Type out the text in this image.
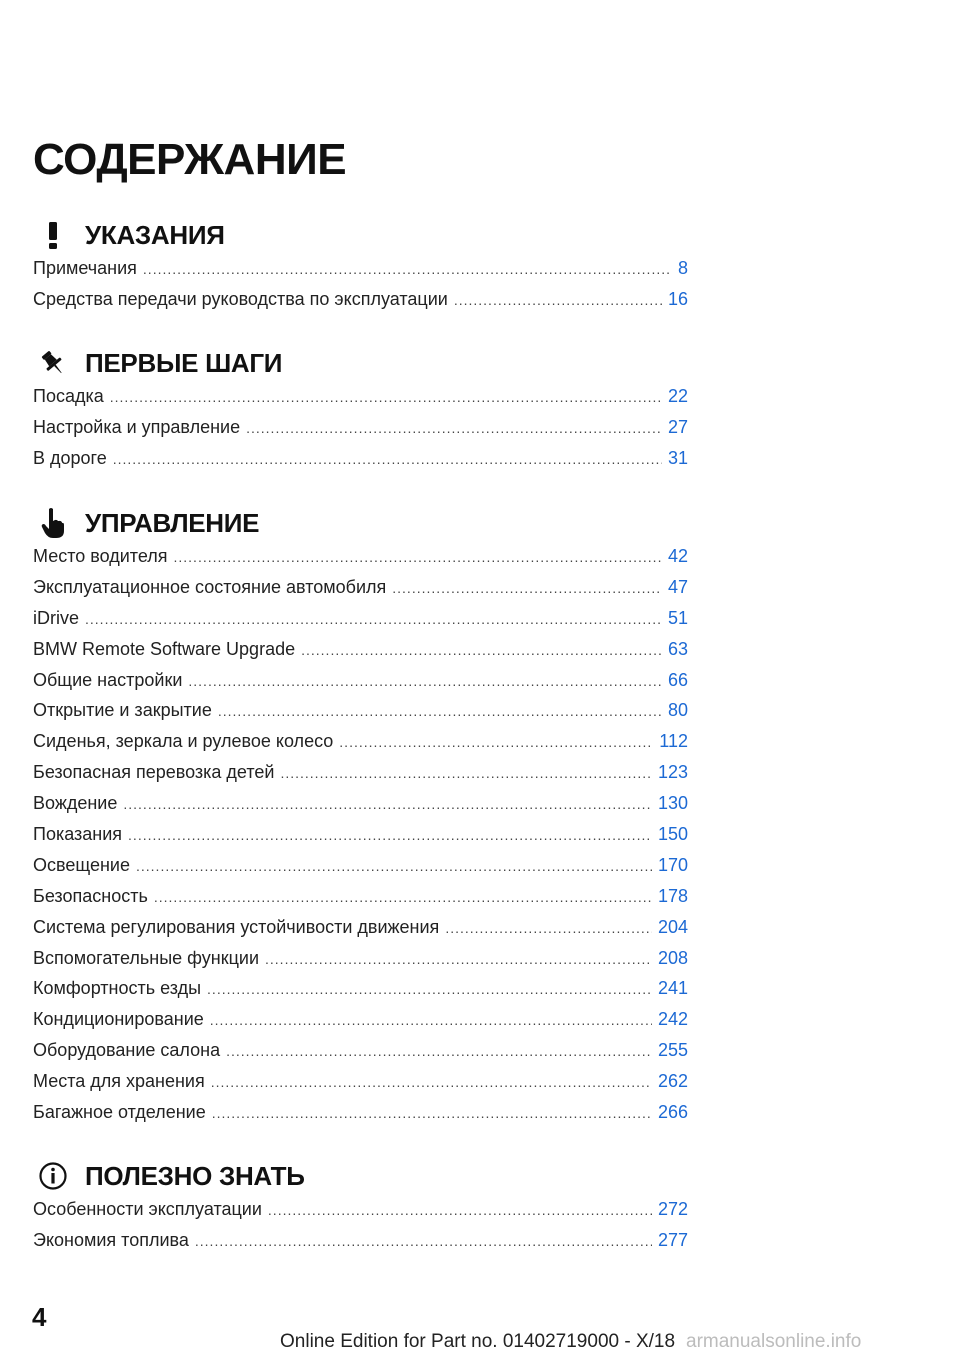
СОДЕРЖАНИЕ
УКАЗАНИЯ
Примечания .....	8
Средства передачи руководства по эксплуатации .....	16
ПЕРВЫЕ ШАГИ
Посадка .....	22
Настройка и управление .....	27
В дороге .....	31
УПРАВЛЕНИЕ
Место водителя .....	42
Эксплуатационное состояние автомобиля .....	47
iDrive .....	51
BMW Remote Software Upgrade .....	63
Общие настройки .....	66
Открытие и закрытие .....	80
Сиденья, зеркала и рулевое колесо .....	112
Безопасная перевозка детей .....	123
Вождение .....	130
Показания .....	150
Освещение .....	170
Безопасность .....	178
Система регулирования устойчивости движения .....	204
Вспомогательные функции .....	208
Комфортность езды .....	241
Кондиционирование .....	242
Оборудование салона .....	255
Места для хранения .....	262
Багажное отделение .....	266
ПОЛЕЗНО ЗНАТЬ
Особенности эксплуатации .....	272
Экономия топлива .....	277
4
Online Edition for Part no. 01402719000 - X/18 armanualsonline.info
